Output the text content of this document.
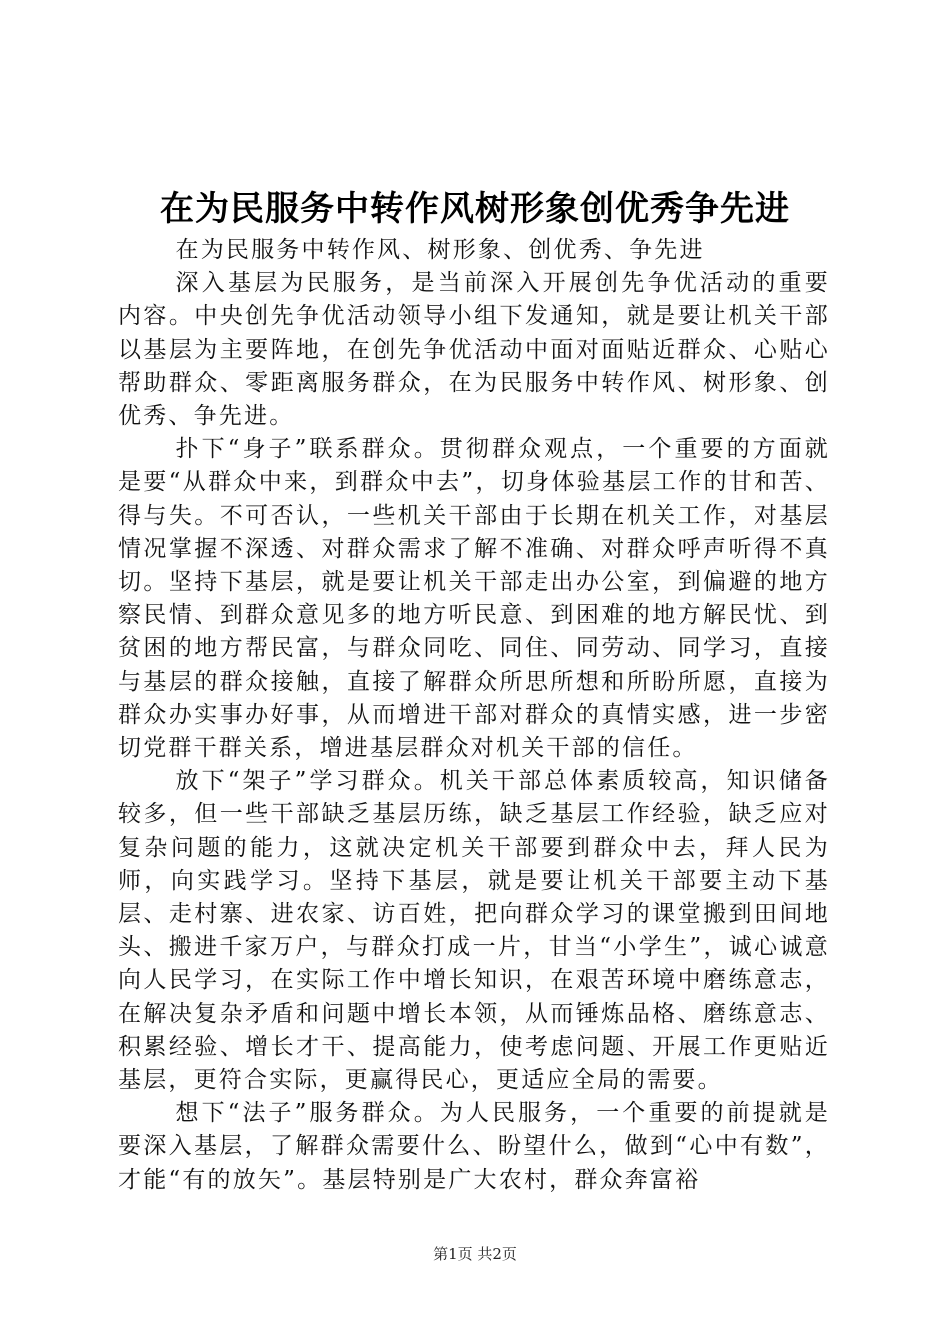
在为民服务中转作风树形象创优秀争先进

在为民服务中转作风、树形象、创优秀、争先进

深入基层为民服务，是当前深入开展创先争优活动的重要内容。中央创先争优活动领导小组下发通知，就是要让机关干部以基层为主要阵地，在创先争优活动中面对面贴近群众、心贴心帮助群众、零距离服务群众，在为民服务中转作风、树形象、创优秀、争先进。

扑下“身子”联系群众。贯彻群众观点，一个重要的方面就是要“从群众中来，到群众中去”，切身体验基层工作的甘和苦、得与失。不可否认，一些机关干部由于长期在机关工作，对基层情况掌握不深透、对群众需求了解不准确、对群众呼声听得不真切。坚持下基层，就是要让机关干部走出办公室，到偏避的地方察民情、到群众意见多的地方听民意、到困难的地方解民忧、到贫困的地方帮民富，与群众同吃、同住、同劳动、同学习，直接与基层的群众接触，直接了解群众所思所想和所盼所愿，直接为群众办实事办好事，从而增进干部对群众的真情实感，进一步密切党群干群关系，增进基层群众对机关干部的信任。

放下“架子”学习群众。机关干部总体素质较高，知识储备较多，但一些干部缺乏基层历练，缺乏基层工作经验，缺乏应对复杂问题的能力，这就决定机关干部要到群众中去，拜人民为师，向实践学习。坚持下基层，就是要让机关干部要主动下基层、走村寨、进农家、访百姓，把向群众学习的课堂搬到田间地头、搬进千家万户，与群众打成一片，甘当“小学生”，诚心诚意向人民学习，在实际工作中增长知识，在艰苦环境中磨练意志，在解决复杂矛盾和问题中增长本领，从而锤炼品格、磨练意志、积累经验、增长才干、提高能力，使考虑问题、开展工作更贴近基层，更符合实际，更赢得民心，更适应全局的需要。

想下“法子”服务群众。为人民服务，一个重要的前提就是要深入基层，了解群众需要什么、盼望什么，做到“心中有数”，才能“有的放矢”。基层特别是广大农村，群众奔富裕

第1页 共2页
